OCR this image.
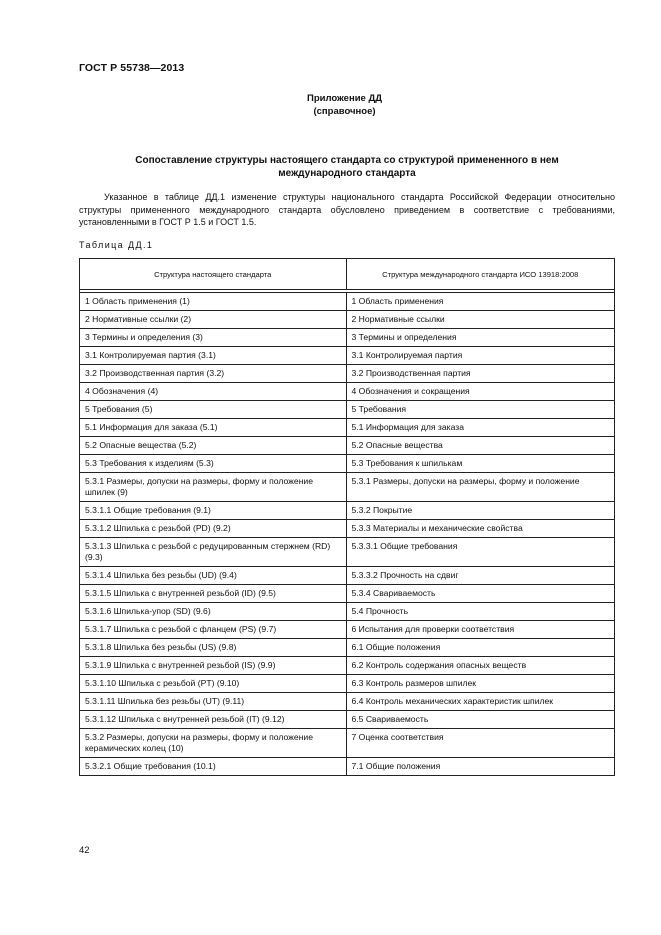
ГОСТ Р 55738—2013
Приложение ДД
(справочное)
Сопоставление структуры настоящего стандарта со структурой примененного в нем
международного стандарта
Указанное в таблице ДД.1 изменение структуры национального стандарта Российской Федерации относительно структуры примененного международного стандарта обусловлено приведением в соответствие с требованиями, установленными в ГОСТ Р 1.5 и ГОСТ 1.5.
Таблица ДД.1
Структура настоящего стандарта	Структура международного стандарта ИСО 13918:2008

1 Область применения (1)	1 Область применения
2 Нормативные ссылки (2)	2 Нормативные ссылки
3 Термины и определения (3)	3 Термины и определения
3.1 Контролируемая партия (3.1)	3.1 Контролируемая партия
3.2 Производственная партия (3.2)	3.2 Производственная партия
4 Обозначения (4)	4 Обозначения и сокращения
5 Требования (5)	5 Требования
5.1 Информация для заказа (5.1)	5.1 Информация для заказа
5.2 Опасные вещества (5.2)	5.2 Опасные вещества
5.3 Требования к изделиям (5.3)	5.3 Требования к шпилькам
5.3.1 Размеры, допуски на размеры, форму и положение шпилек (9)	5.3.1 Размеры, допуски на размеры, форму и положение
5.3.1.1 Общие требования (9.1)	5.3.2 Покрытие
5.3.1.2 Шпилька с резьбой (PD) (9.2)	5.3.3 Материалы и механические свойства
5.3.1.3 Шпилька с резьбой с редуцированным стержнем (RD) (9.3)	5.3.3.1 Общие требования
5.3.1.4 Шпилька без резьбы (UD) (9.4)	5.3.3.2 Прочность на сдвиг
5.3.1.5 Шпилька с внутренней резьбой (ID) (9.5)	5.3.4 Свариваемость
5.3.1.6 Шпилька-упор (SD) (9.6)	5.4 Прочность
5.3.1.7 Шпилька с резьбой с фланцем (PS) (9.7)	6 Испытания для проверки соответствия
5.3.1.8 Шпилька без резьбы (US) (9.8)	6.1 Общие положения
5.3.1.9 Шпилька с внутренней резьбой (IS) (9.9)	6.2 Контроль содержания опасных веществ
5.3.1.10 Шпилька с резьбой (PT) (9.10)	6.3 Контроль размеров шпилек
5.3.1.11 Шпилька без резьбы (UT) (9.11)	6.4 Контроль механических характеристик шпилек
5.3.1.12 Шпилька с внутренней резьбой (IT) (9.12)	6.5 Свариваемость
5.3.2 Размеры, допуски на размеры, форму и положение керамических колец (10)	7 Оценка соответствия
5.3.2.1 Общие требования (10.1)	7.1 Общие положения
42
